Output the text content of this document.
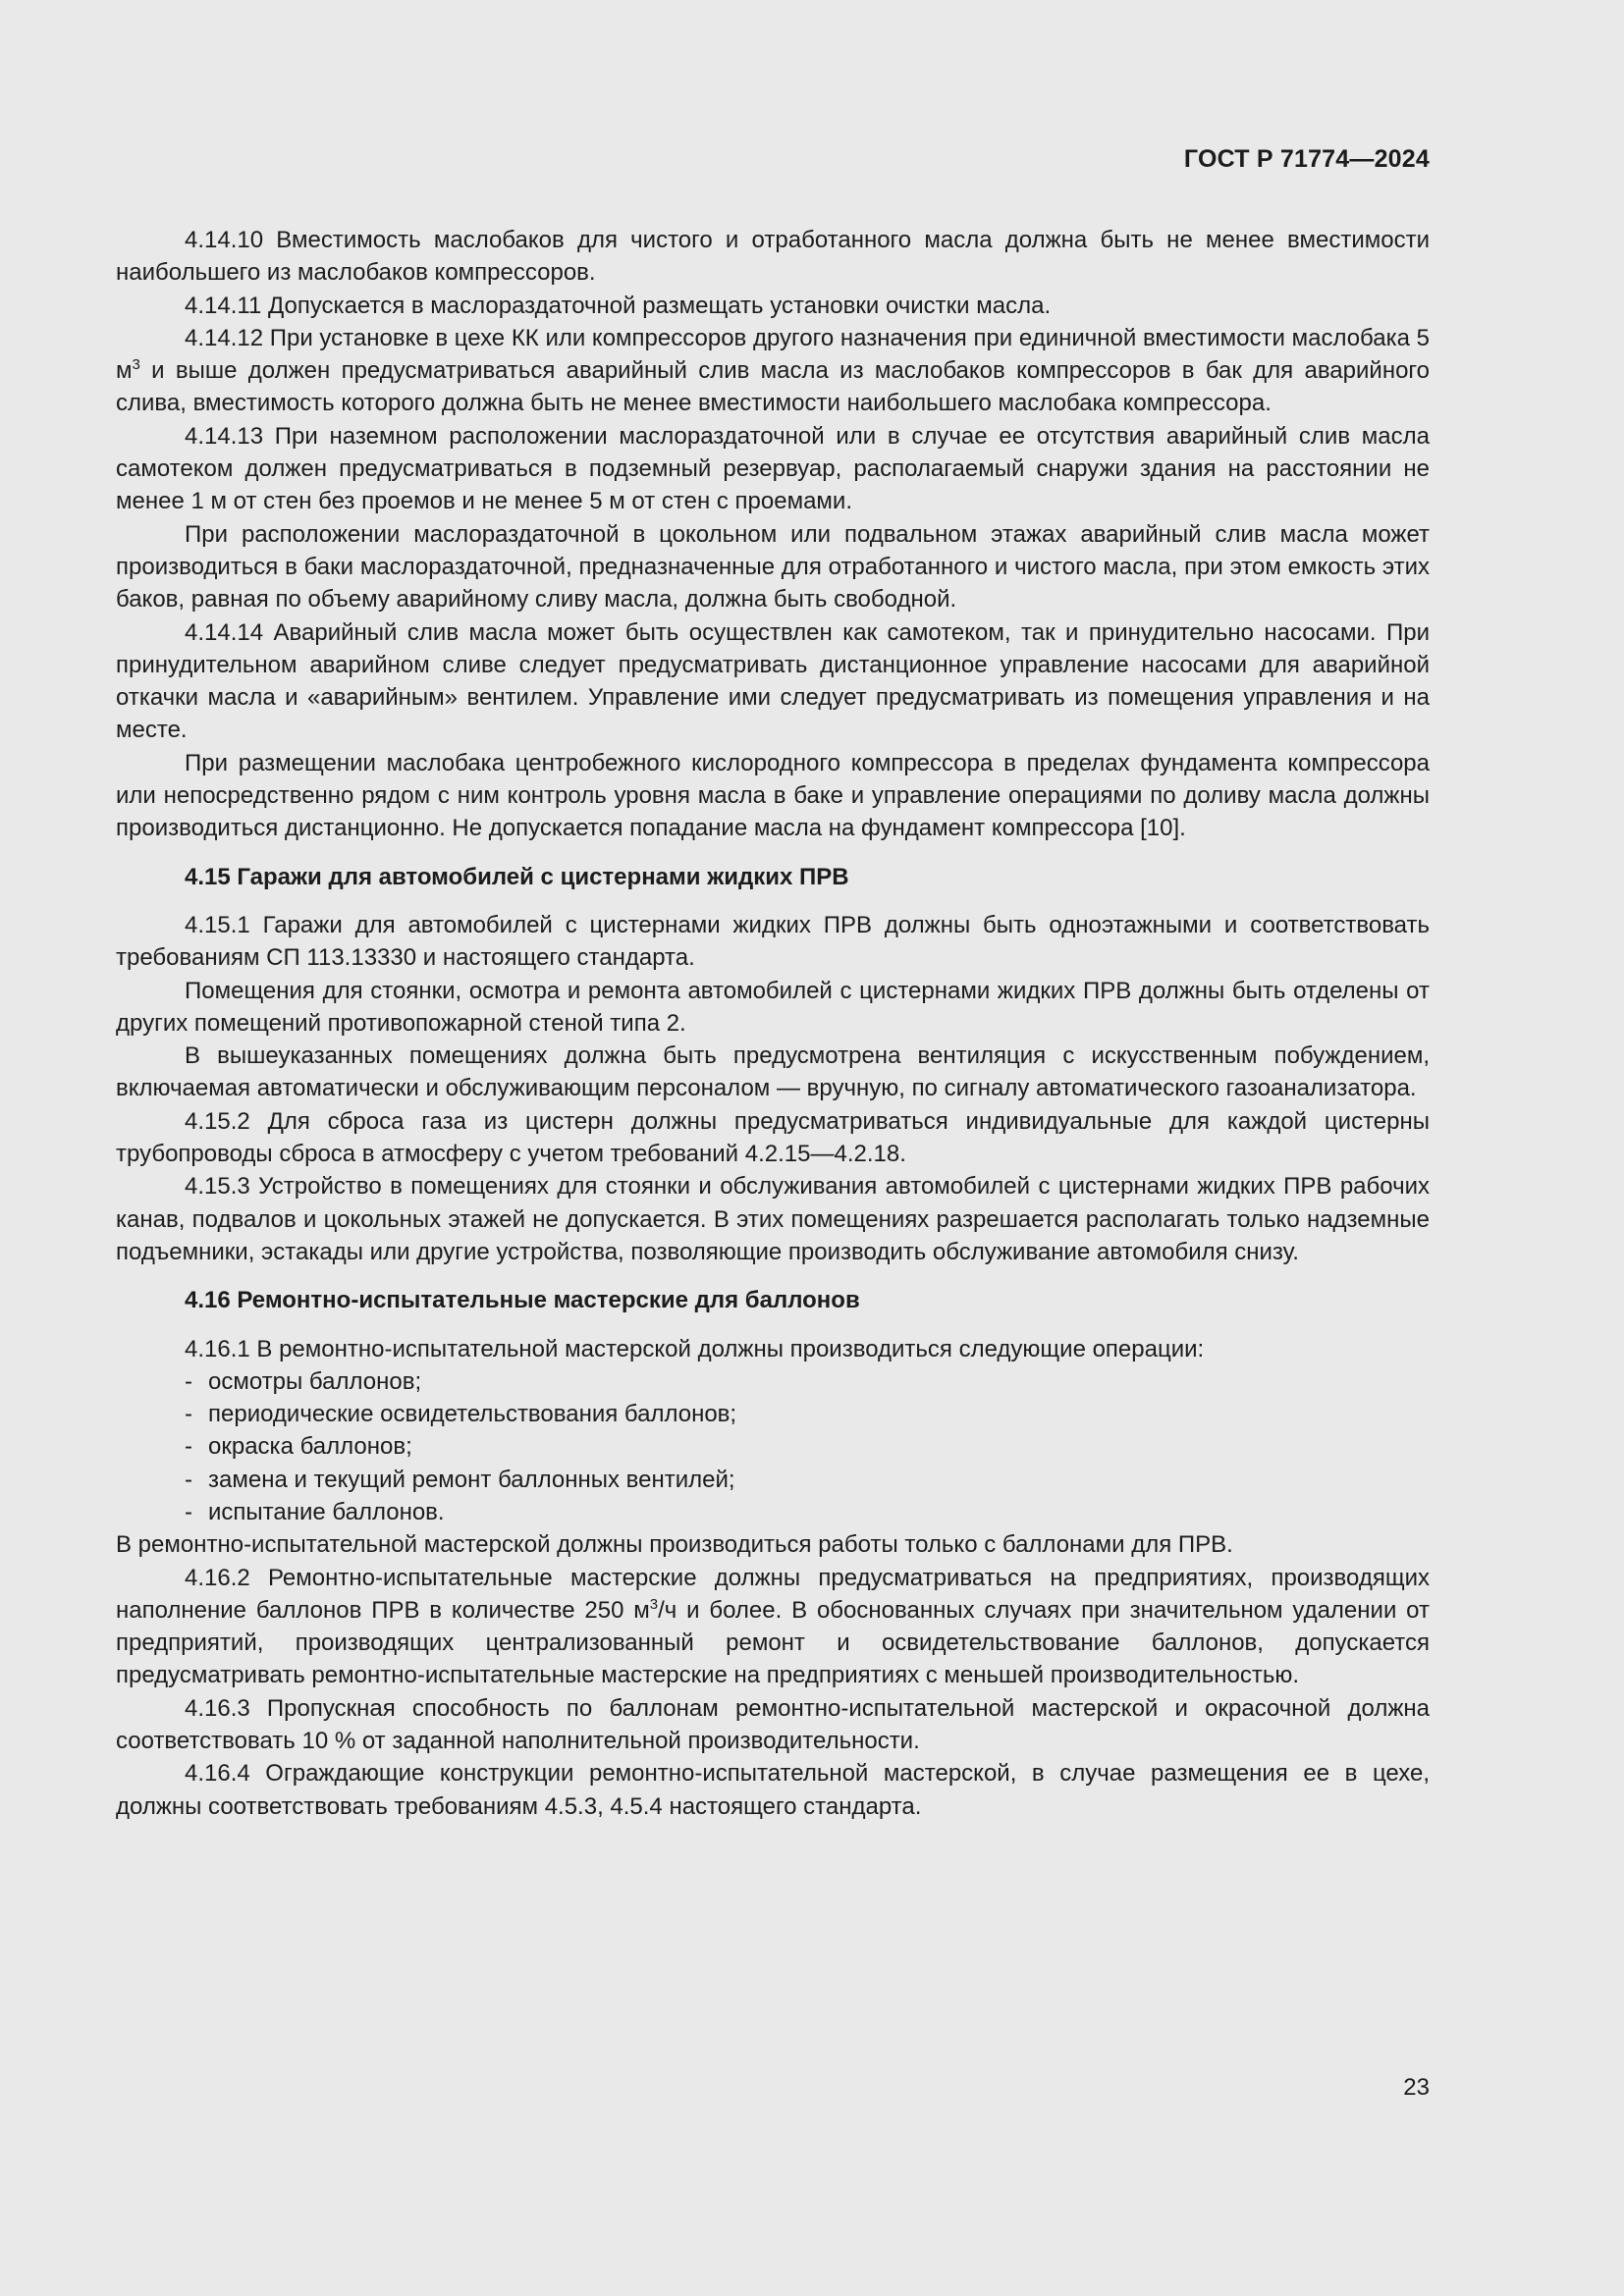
ГОСТ Р 71774—2024

4.14.10 Вместимость маслобаков для чистого и отработанного масла должна быть не менее вместимости наибольшего из маслобаков компрессоров.

4.14.11 Допускается в маслораздаточной размещать установки очистки масла.

4.14.12 При установке в цехе КК или компрессоров другого назначения при единичной вместимости маслобака 5 $м^3$ и выше должен предусматриваться аварийный слив масла из маслобаков компрессоров в бак для аварийного слива, вместимость которого должна быть не менее вместимости наибольшего маслобака компрессора.

4.14.13 При наземном расположении маслораздаточной или в случае ее отсутствия аварийный слив масла самотеком должен предусматриваться в подземный резервуар, располагаемый снаружи здания на расстоянии не менее 1 м от стен без проемов и не менее 5 м от стен с проемами.

При расположении маслораздаточной в цокольном или подвальном этажах аварийный слив масла может производиться в баки маслораздаточной, предназначенные для отработанного и чистого масла, при этом емкость этих баков, равная по объему аварийному сливу масла, должна быть свободной.

4.14.14 Аварийный слив масла может быть осуществлен как самотеком, так и принудительно насосами. При принудительном аварийном сливе следует предусматривать дистанционное управление насосами для аварийной откачки масла и «аварийным» вентилем. Управление ими следует предусматривать из помещения управления и на месте.

При размещении маслобака центробежного кислородного компрессора в пределах фундамента компрессора или непосредственно рядом с ним контроль уровня масла в баке и управление операциями по доливу масла должны производиться дистанционно. Не допускается попадание масла на фундамент компрессора [10].

4.15 Гаражи для автомобилей с цистернами жидких ПРВ

4.15.1 Гаражи для автомобилей с цистернами жидких ПРВ должны быть одноэтажными и соответствовать требованиям СП 113.13330 и настоящего стандарта.

Помещения для стоянки, осмотра и ремонта автомобилей с цистернами жидких ПРВ должны быть отделены от других помещений противопожарной стеной типа 2.

В вышеуказанных помещениях должна быть предусмотрена вентиляция с искусственным побуждением, включаемая автоматически и обслуживающим персоналом — вручную, по сигналу автоматического газоанализатора.

4.15.2 Для сброса газа из цистерн должны предусматриваться индивидуальные для каждой цистерны трубопроводы сброса в атмосферу с учетом требований 4.2.15—4.2.18.

4.15.3 Устройство в помещениях для стоянки и обслуживания автомобилей с цистернами жидких ПРВ рабочих канав, подвалов и цокольных этажей не допускается. В этих помещениях разрешается располагать только надземные подъемники, эстакады или другие устройства, позволяющие производить обслуживание автомобиля снизу.

4.16 Ремонтно-испытательные мастерские для баллонов

4.16.1 В ремонтно-испытательной мастерской должны производиться следующие операции:

- осмотры баллонов;
- периодические освидетельствования баллонов;
- окраска баллонов;
- замена и текущий ремонт баллонных вентилей;
- испытание баллонов.

В ремонтно-испытательной мастерской должны производиться работы только с баллонами для ПРВ.

4.16.2 Ремонтно-испытательные мастерские должны предусматриваться на предприятиях, производящих наполнение баллонов ПРВ в количестве 250 $м^3/ч$ и более. В обоснованных случаях при значительном удалении от предприятий, производящих централизованный ремонт и освидетельствование баллонов, допускается предусматривать ремонтно-испытательные мастерские на предприятиях с меньшей производительностью.

4.16.3 Пропускная способность по баллонам ремонтно-испытательной мастерской и окрасочной должна соответствовать 10 % от заданной наполнительной производительности.

4.16.4 Ограждающие конструкции ремонтно-испытательной мастерской, в случае размещения ее в цехе, должны соответствовать требованиям 4.5.3, 4.5.4 настоящего стандарта.

23
